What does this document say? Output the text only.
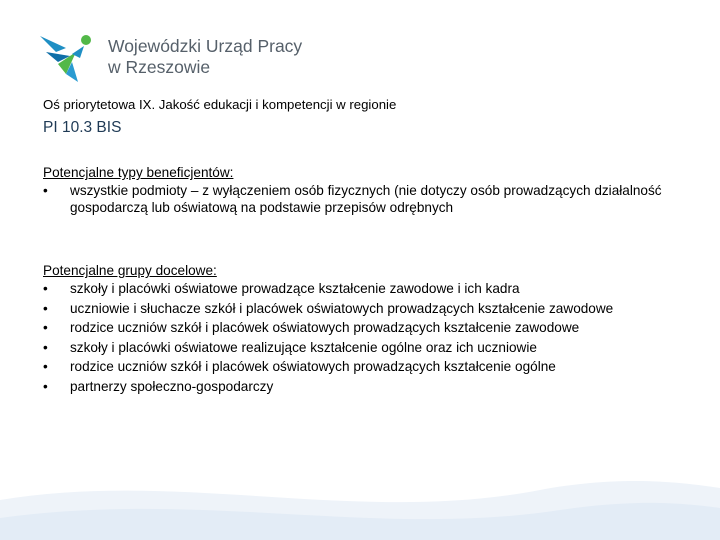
Wojewódzki Urząd Pracy
w Rzeszowie
Oś priorytetowa IX. Jakość edukacji i kompetencji w regionie
PI 10.3 BIS
Potencjalne typy beneficjentów:
• wszystkie podmioty – z wyłączeniem osób fizycznych (nie dotyczy osób prowadzących działalność gospodarczą lub oświatową na podstawie przepisów odrębnych
Potencjalne grupy docelowe:
• szkoły i placówki oświatowe prowadzące kształcenie zawodowe i ich kadra
• uczniowie i słuchacze szkół i placówek oświatowych prowadzących kształcenie zawodowe
• rodzice uczniów szkół i placówek oświatowych prowadzących kształcenie zawodowe
• szkoły i placówki oświatowe realizujące kształcenie ogólne oraz ich uczniowie
• rodzice uczniów szkół i placówek oświatowych prowadzących kształcenie ogólne
• partnerzy społeczno-gospodarczy
